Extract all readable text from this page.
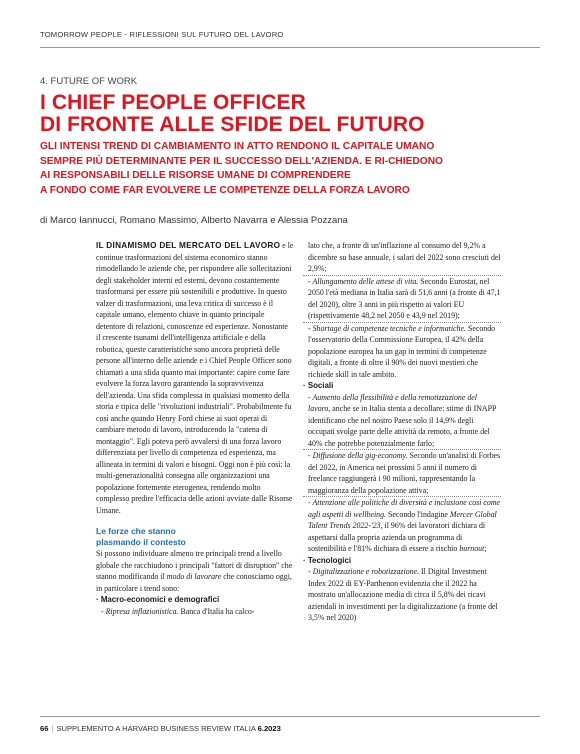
TOMORROW PEOPLE - RIFLESSIONI SUL FUTURO DEL LAVORO
4. FUTURE OF WORK
I CHIEF PEOPLE OFFICER
DI FRONTE ALLE SFIDE DEL FUTURO

GLI INTENSI TREND DI CAMBIAMENTO IN ATTO RENDONO IL CAPITALE UMANO
SEMPRE PIÙ DETERMINANTE PER IL SUCCESSO DELL'AZIENDA. E RI-CHIEDONO
AI RESPONSABILI DELLE RISORSE UMANE DI COMPRENDERE
A FONDO COME FAR EVOLVERE LE COMPETENZE DELLA FORZA LAVORO

di Marco Iannucci, Romano Massimo, Alberto Navarra e Alessia Pozzana

IL DINAMISMO DEL MERCATO DEL LAVORO e le continue trasformazioni del sistema economico stanno rimodellando le aziende che, per rispondere alle sollecitazioni degli stakeholder interni ed esterni, devono costantemente trasformarsi per essere più sostenibili e produttive. In questo valzer di trasformazioni, una leva critica di successo è il capitale umano, elemento chiave in quanto principale detentore di relazioni, conoscenze ed esperienze. Nonostante il crescente tsunami dell'intelligenza artificiale e della robotica, queste caratteristiche sono ancora proprietà delle persone all'interno delle aziende e i Chief People Officer sono chiamati a una sfida quanto mai importante: capire come fare evolvere la forza lavoro garantendo la sopravvivenza dell'azienda. Una sfida complessa in qualsiasi momento della storia e tipica delle "rivoluzioni industriali". Probabilmente fu così anche quando Henry Ford chiese ai suoi operai di cambiare metodo di lavoro, introducendo la "catena di montaggio". Egli poteva però avvalersi di una forza lavoro differenziata per livello di competenza ed esperienza, ma allineata in termini di valori e bisogni. Oggi non è più così: la multi-generazionalità consegna alle organizzazioni una popolazione fortemente eterogenea, rendendo molto complesso predire l'efficacia delle azioni avviate dalle Risorse Umane.

Le forze che stanno
plasmando il contesto

Si possono individuare almeno tre principali trend a livello globale che racchiudono i principali "fattori di disruption" che stanno modificando il modo di lavorare che conosciamo oggi, in particolare i trend sono:

· Macro-economici e demografici

- Ripresa inflazionistica. Banca d'Italia ha calco-

lato che, a fronte di un'inflazione al consumo del 9,2% a dicembre su base annuale, i salari del 2022 sono cresciuti del 2,9%;

- Allungamento delle attese di vita. Secondo Eurostat, nel 2050 l'età mediana in Italia sarà di 51,6 anni (a fronte di 47,1 del 2020), oltre 3 anni in più rispetto ai valori EU (rispettivamente 48,2 nel 2050 e 43,9 nel 2019);

- Shortage di competenze tecniche e informatiche. Secondo l'osservatorio della Commissione Europea, il 42% della popolazione europea ha un gap in termini di competenze digitali, a fronte di oltre il 90% dei nuovi mestieri che richiede skill in tale ambito.

· Sociali

- Aumento della flessibilità e della remotizzazione del lavoro, anche se in Italia stenta a decollare: stime di INAPP identificano che nel nostro Paese solo il 14,9% degli occupati svolge parte delle attività da remoto, a fronte del 40% che potrebbe potenzialmente farlo;

- Diffusione della gig-economy. Secondo un'analisi di Forbes del 2022, in America nei prossimi 5 anni il numero di freelance raggiungerà i 90 milioni, rappresentando la maggioranza della popolazione attiva;

- Attenzione alle politiche di diversità e inclusione così come agli aspetti di wellbeing. Secondo l'indagine Mercer Global Talent Trends 2022-'23, il 96% dei lavoratori dichiara di aspettarsi dalla propria azienda un programma di sostenibilità e l'81% dichiara di essere a rischio burnout;

· Tecnologici

- Digitalizzazione e robotizzazione. Il Digital Investment Index 2022 di EY-Parthenon evidenzia che il 2022 ha mostrato un'allocazione media di circa il 5,8% dei ricavi aziendali in investimenti per la digitalizzazione (a fronte del 3,5% nel 2020)

66 | SUPPLEMENTO A HARVARD BUSINESS REVIEW ITALIA 6.2023
